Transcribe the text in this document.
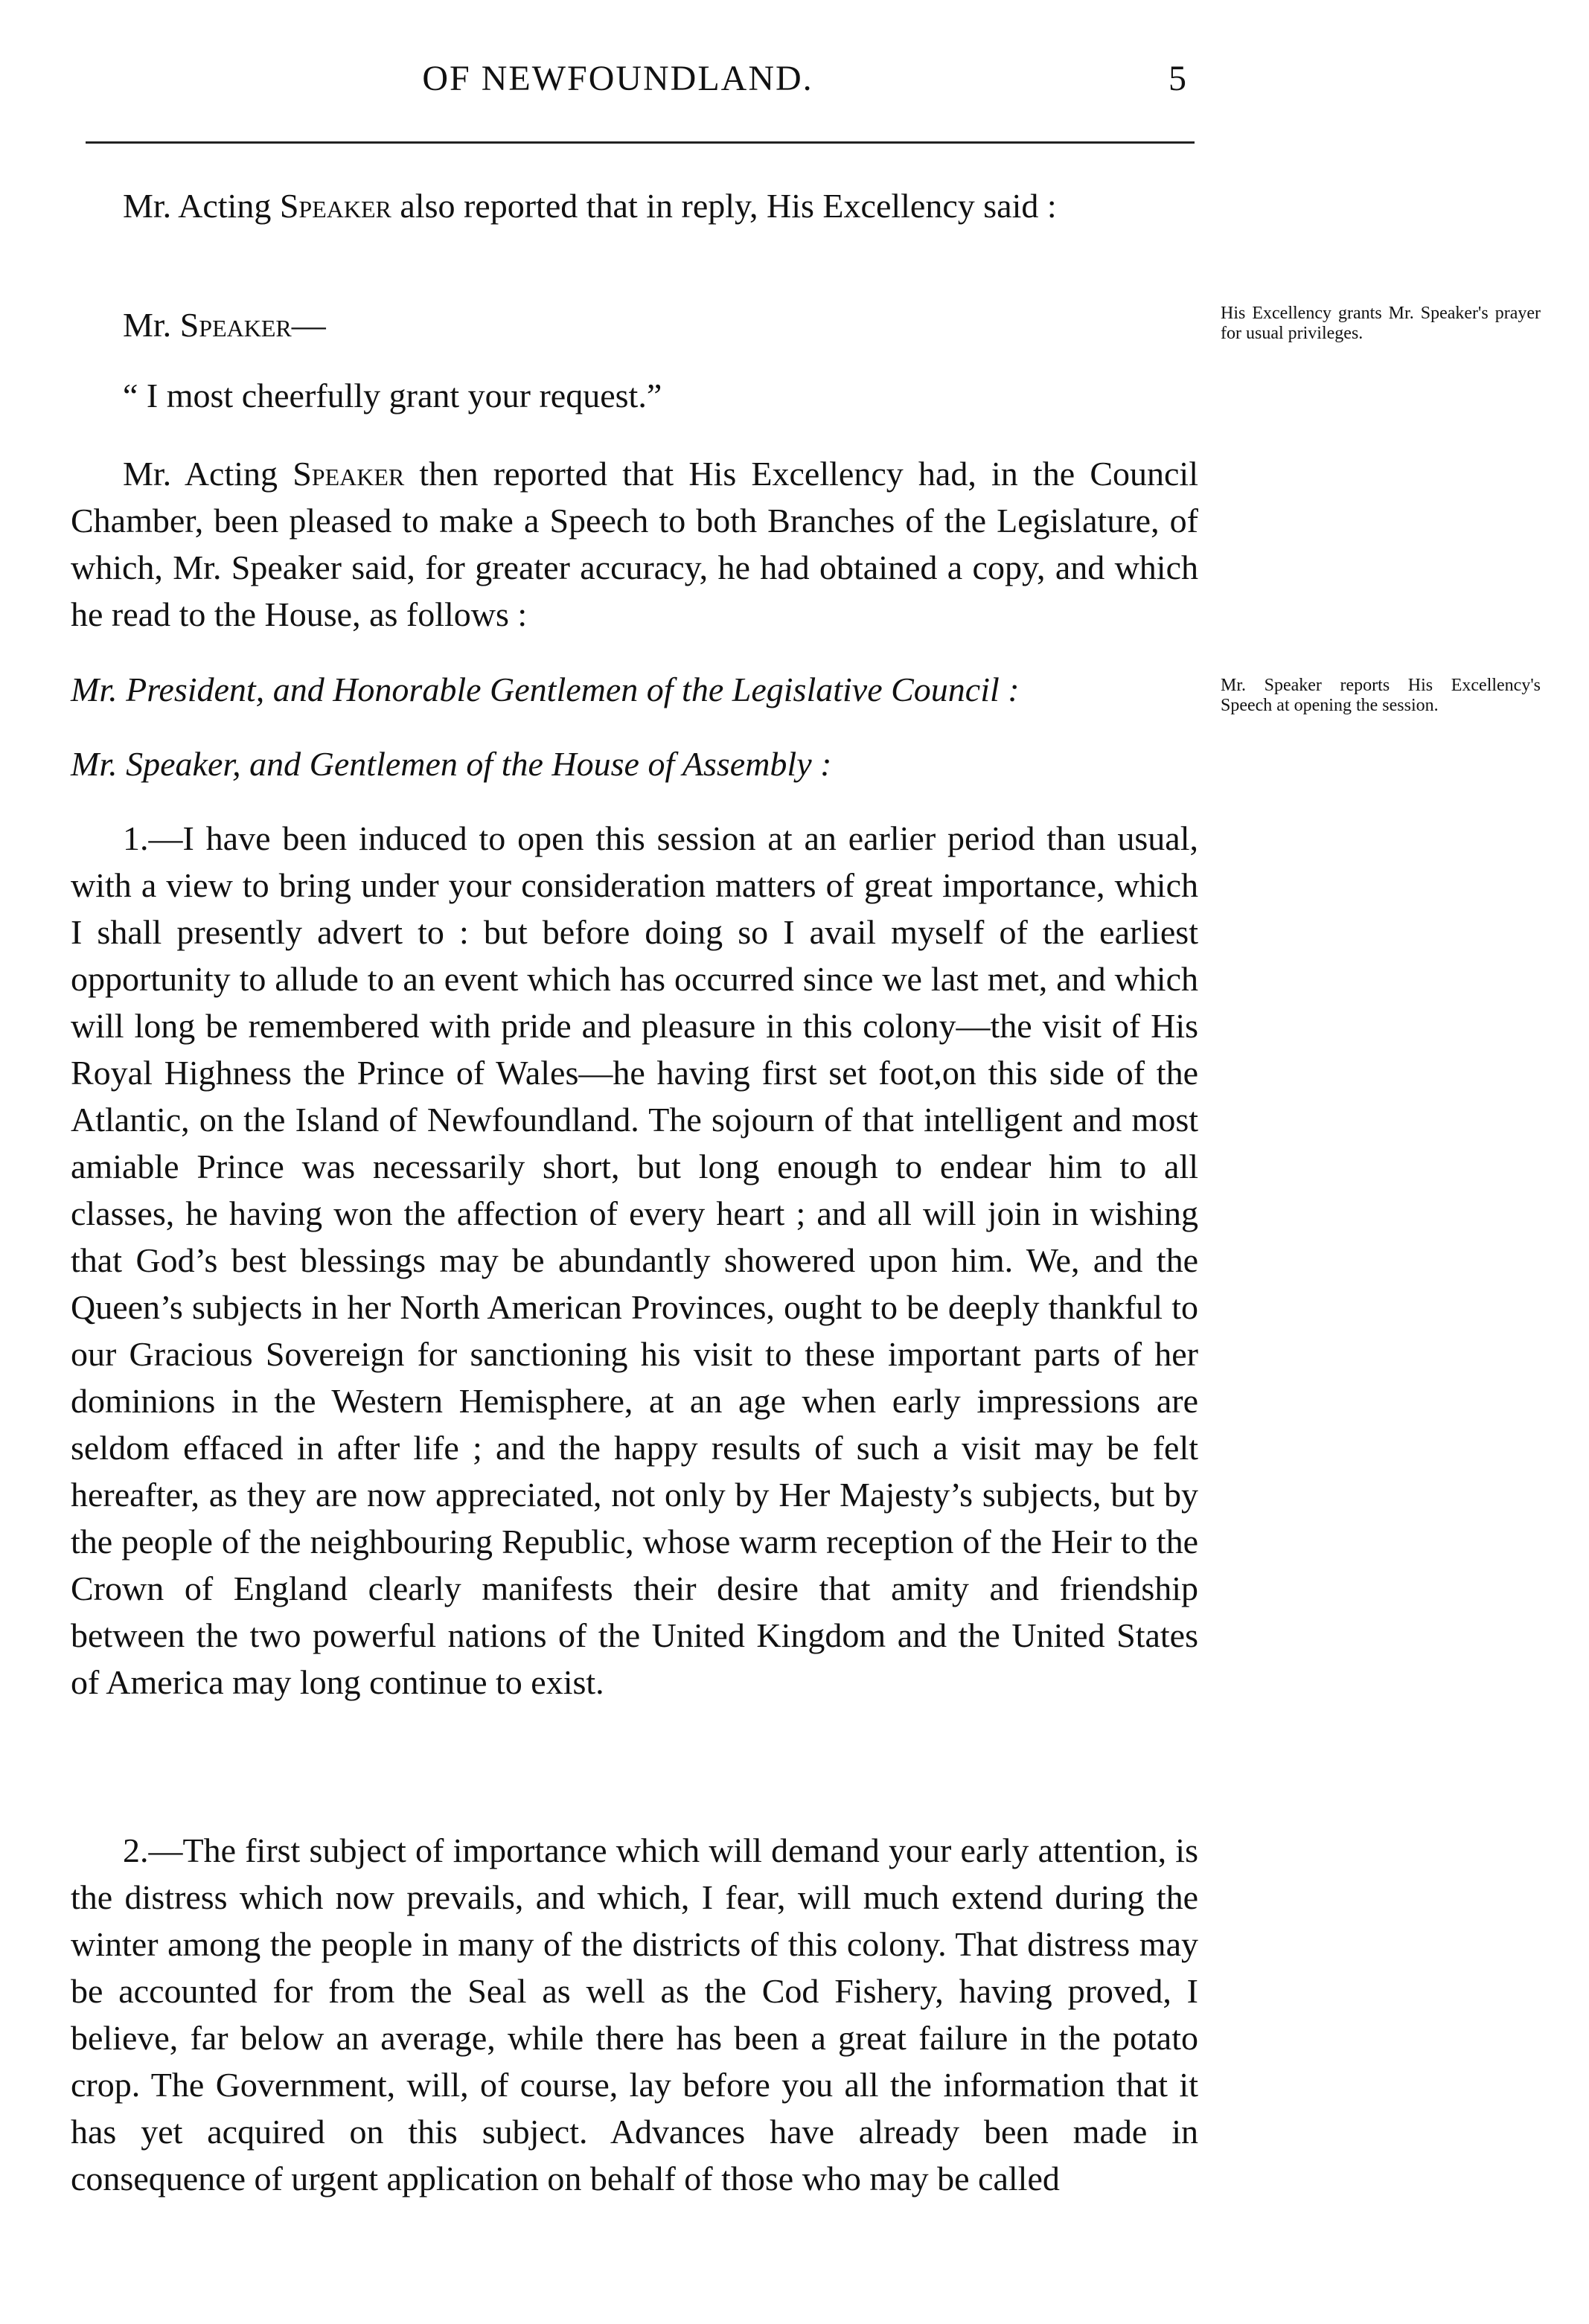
OF NEWFOUNDLAND.	5

Mr. Acting Speaker also reported that in reply, His Excellency said :

Mr. Speaker—
“ I most cheerfully grant your request.”
His Excellency grants Mr. Speaker's prayer for usual privileges.

Mr. Acting Speaker then reported that His Excellency had, in the Council Chamber, been pleased to make a Speech to both Branches of the Legislature, of which, Mr. Speaker said, for greater accuracy, he had obtained a copy, and which he read to the House, as follows :

Mr. President, and Honorable Gentlemen of the Legislative Council :
Mr. Speaker, and Gentlemen of the House of Assembly :
Mr. Speaker reports His Excellency's Speech at opening the session.

1.—I have been induced to open this session at an earlier period than usual, with a view to bring under your consideration matters of great importance, which I shall presently advert to : but before doing so I avail myself of the earliest opportunity to allude to an event which has occurred since we last met, and which will long be remembered with pride and pleasure in this colony—the visit of His Royal Highness the Prince of Wales—he having first set foot,on this side of the Atlantic, on the Island of Newfoundland. The sojourn of that intelligent and most amiable Prince was necessarily short, but long enough to endear him to all classes, he having won the affection of every heart ; and all will join in wishing that God’s best blessings may be abundantly showered upon him. We, and the Queen’s subjects in her North American Provinces, ought to be deeply thankful to our Gracious Sovereign for sanctioning his visit to these important parts of her dominions in the Western Hemisphere, at an age when early impressions are seldom effaced in after life ; and the happy results of such a visit may be felt hereafter, as they are now appreciated, not only by Her Majesty’s subjects, but by the people of the neighbouring Republic, whose warm reception of the Heir to the Crown of England clearly manifests their desire that amity and friendship between the two powerful nations of the United Kingdom and the United States of America may long continue to exist.

2.—The first subject of importance which will demand your early attention, is the distress which now prevails, and which, I fear, will much extend during the winter among the people in many of the districts of this colony. That distress may be accounted for from the Seal as well as the Cod Fishery, having proved, I believe, far below an average, while there has been a great failure in the potato crop. The Government, will, of course, lay before you all the information that it has yet acquired on this subject. Advances have already been made in consequence of urgent application on behalf of those who may be called
